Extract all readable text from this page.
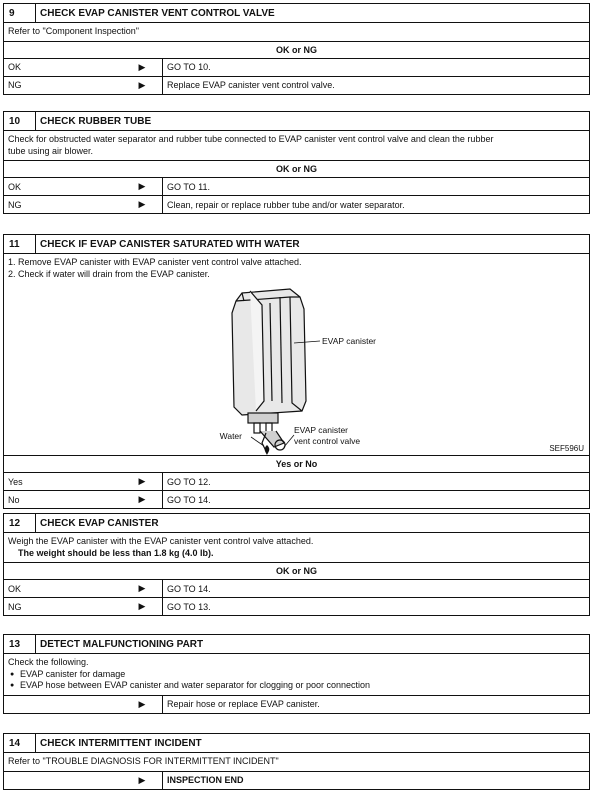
9	CHECK EVAP CANISTER VENT CONTROL VALVE
Refer to "Component Inspection"
OK or NG
OK	▶	GO TO 10.
NG	▶	Replace EVAP canister vent control valve.
10	CHECK RUBBER TUBE
Check for obstructed water separator and rubber tube connected to EVAP canister vent control valve and clean the rubber
tube using air blower.
OK or NG
OK	▶	GO TO 11.
NG	▶	Clean, repair or replace rubber tube and/or water separator.
11	CHECK IF EVAP CANISTER SATURATED WITH WATER
1. Remove EVAP canister with EVAP canister vent control valve attached.
2. Check if water will drain from the EVAP canister.
EVAP canister
EVAP canister
vent control valve
Water
SEF596U
Yes or No
Yes	▶	GO TO 12.
No	▶	GO TO 14.
12	CHECK EVAP CANISTER
Weigh the EVAP canister with the EVAP canister vent control valve attached.
The weight should be less than 1.8 kg (4.0 lb).
OK or NG
OK	▶	GO TO 14.
NG	▶	GO TO 13.
13	DETECT MALFUNCTIONING PART
Check the following.
● EVAP canister for damage
● EVAP hose between EVAP canister and water separator for clogging or poor connection
▶	Repair hose or replace EVAP canister.
14	CHECK INTERMITTENT INCIDENT
Refer to "TROUBLE DIAGNOSIS FOR INTERMITTENT INCIDENT"
▶	INSPECTION END
